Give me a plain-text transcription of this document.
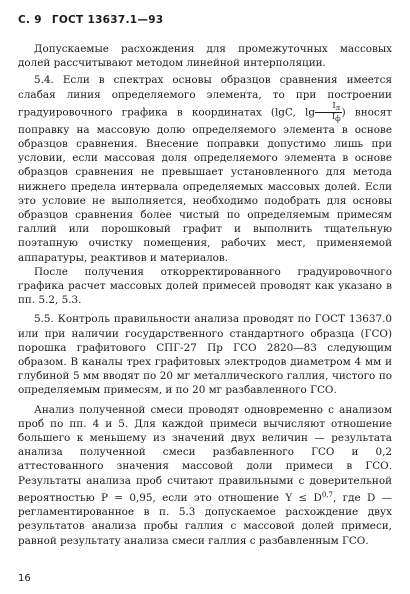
С. 9 ГОСТ 13637.1—93

Допускаемые расхождения для промежуточных массовых долей рассчитывают методом линейной интерполяции.

5.4. Если в спектрах основы образцов сравнения имеется слабая линия определяемого элемента, то при построении градуировочного графика в координатах (lgC, $\lg \frac{Iл}{Iф}$ ) вносят поправку на массовую долю определяемого элемента в основе образцов сравнения. Внесение поправки допустимо лишь при условии, если массовая доля определяемого элемента в основе образцов сравнения не превышает установленного для метода нижнего предела интервала определяемых массовых долей. Если это условие не выполняется, необходимо подобрать для основы образцов сравнения более чистый по определяемым примесям галлий или порошковый графит и выполнить тщательную поэтапную очистку помещения, рабочих мест, применяемой аппаратуры, реактивов и материалов.

После получения откорректированного градуировочного графика расчет массовых долей примесей проводят как указано в пп. 5.2, 5.3.

5.5. Контроль правильности анализа проводят по ГОСТ 13637.0 или при наличии государственного стандартного образца (ГСО) порошка графитового СПГ-27 Пр ГСО 2820—83 следующим образом. В каналы трех графитовых электродов диаметром 4 мм и глубиной 5 мм вводят по 20 мг металлического галлия, чистого по определяемым примесям, и по 20 мг разбавленного ГСО.

Анализ полученной смеси проводят одновременно с анализом проб по пп. 4 и 5. Для каждой примеси вычисляют отношение большего к меньшему из значений двух величин — результата анализа полученной смеси разбавленного ГСО и 0,2 аттестованного значения массовой доли примеси в ГСО. Результаты анализа проб считают правильными с доверительной вероятностью P = 0,95, если это отношение Y ≤ D$^{0,7}$, где D — регламентированное в п. 5.3 допускаемое расхождение двух результатов анализа пробы галлия с массовой долей примеси, равной результату анализа смеси галлия с разбавленным ГСО.

16
